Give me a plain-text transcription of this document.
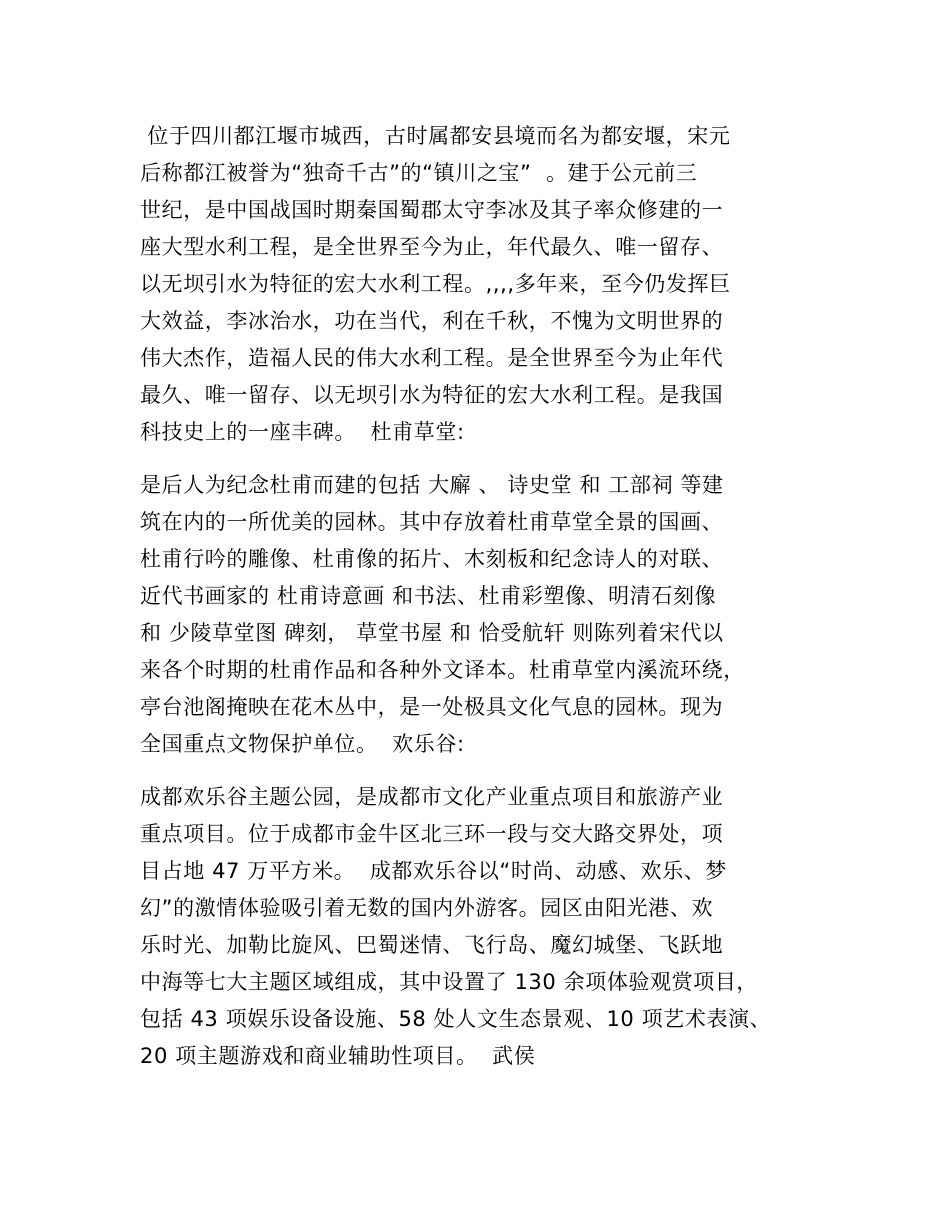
位于四川都江堰市城西，古时属都安县境而名为都安堰，宋元
后称都江被誉为“独奇千古”的“镇川之宝”  。建于公元前三
世纪，是中国战国时期秦国蜀郡太守李冰及其子率众修建的一
座大型水利工程，是全世界至今为止，年代最久、唯一留存、
以无坝引水为特征的宏大水利工程。,,,,多年来，至今仍发挥巨
大效益，李冰治水，功在当代，利在千秋，不愧为文明世界的
伟大杰作，造福人民的伟大水利工程。是全世界至今为止年代
最久、唯一留存、以无坝引水为特征的宏大水利工程。是我国
科技史上的一座丰碑。  杜甫草堂:
是后人为纪念杜甫而建的包括 大廨 、 诗史堂 和 工部祠 等建
筑在内的一所优美的园林。其中存放着杜甫草堂全景的国画、
杜甫行吟的雕像、杜甫像的拓片、木刻板和纪念诗人的对联、
近代书画家的 杜甫诗意画 和书法、杜甫彩塑像、明清石刻像
和 少陵草堂图 碑刻， 草堂书屋 和 恰受航轩 则陈列着宋代以
来各个时期的杜甫作品和各种外文译本。杜甫草堂内溪流环绕，
亭台池阁掩映在花木丛中，是一处极具文化气息的园林。现为
全国重点文物保护单位。  欢乐谷:
成都欢乐谷主题公园，是成都市文化产业重点项目和旅游产业
重点项目。位于成都市金牛区北三环一段与交大路交界处，项
目占地 47 万平方米。  成都欢乐谷以“时尚、动感、欢乐、梦
幻”的激情体验吸引着无数的国内外游客。园区由阳光港、欢
乐时光、加勒比旋风、巴蜀迷情、飞行岛、魔幻城堡、飞跃地
中海等七大主题区域组成，其中设置了 130 余项体验观赏项目，
包括 43 项娱乐设备设施、58 处人文生态景观、10 项艺术表演、
20 项主题游戏和商业辅助性项目。  武侯
